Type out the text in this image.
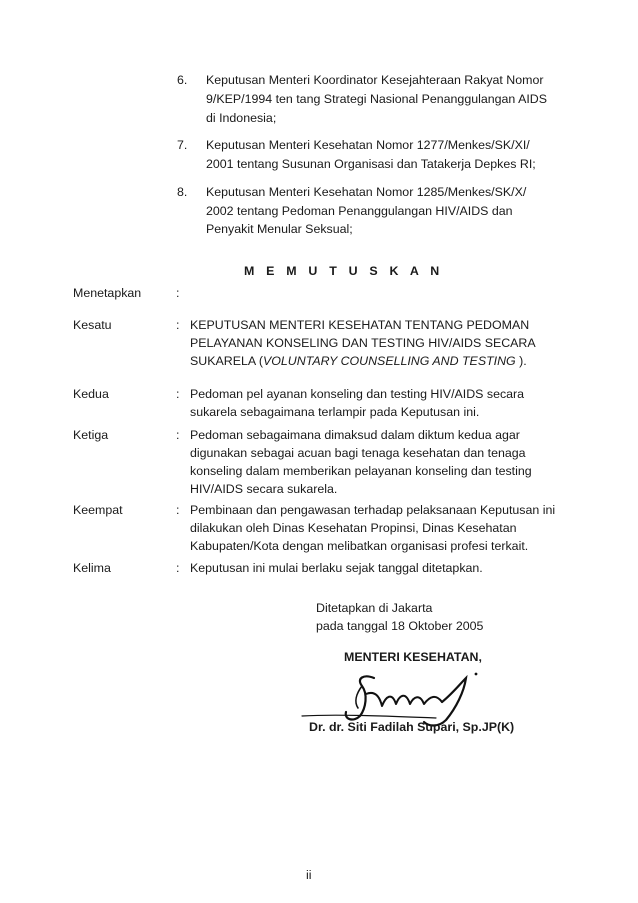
6. Keputusan Menteri Koordinator Kesejahteraan Rakyat Nomor
9/KEP/1994 ten tang Strategi Nasional Penanggulangan AIDS
di Indonesia;
7. Keputusan Menteri Kesehatan Nomor 1277/Menkes/SK/XI/
2001 tentang Susunan Organisasi dan Tatakerja Depkes RI;
8. Keputusan Menteri Kesehatan Nomor 1285/Menkes/SK/X/
2002 tentang Pedoman Penanggulangan HIV/AIDS dan
Penyakit Menular Seksual;
M E M U T U S K A N
Menetapkan	:
Kesatu	: KEPUTUSAN MENTERI KESEHATAN TENTANG PEDOMAN
PELAYANAN KONSELING DAN TESTING HIV/AIDS SECARA
SUKARELA (VOLUNTARY COUNSELLING AND TESTING ).
Kedua	: Pedoman pel ayanan konseling dan testing HIV/AIDS secara
sukarela sebagaimana terlampir pada Keputusan ini.
Ketiga	: Pedoman sebagaimana dimaksud dalam diktum kedua agar
digunakan sebagai acuan bagi tenaga kesehatan dan tenaga
konseling dalam memberikan pelayanan konseling dan testing
HIV/AIDS secara sukarela.
Keempat	: Pembinaan dan pengawasan terhadap pelaksanaan Keputusan ini
dilakukan oleh Dinas Kesehatan Propinsi, Dinas Kesehatan
Kabupaten/Kota dengan melibatkan organisasi profesi terkait.
Kelima	: Keputusan ini mulai berlaku sejak tanggal ditetapkan.
Ditetapkan di Jakarta
pada tanggal 18 Oktober 2005
MENTERI KESEHATAN,
Dr. dr. Siti Fadilah Supari, Sp.JP(K)
ii
